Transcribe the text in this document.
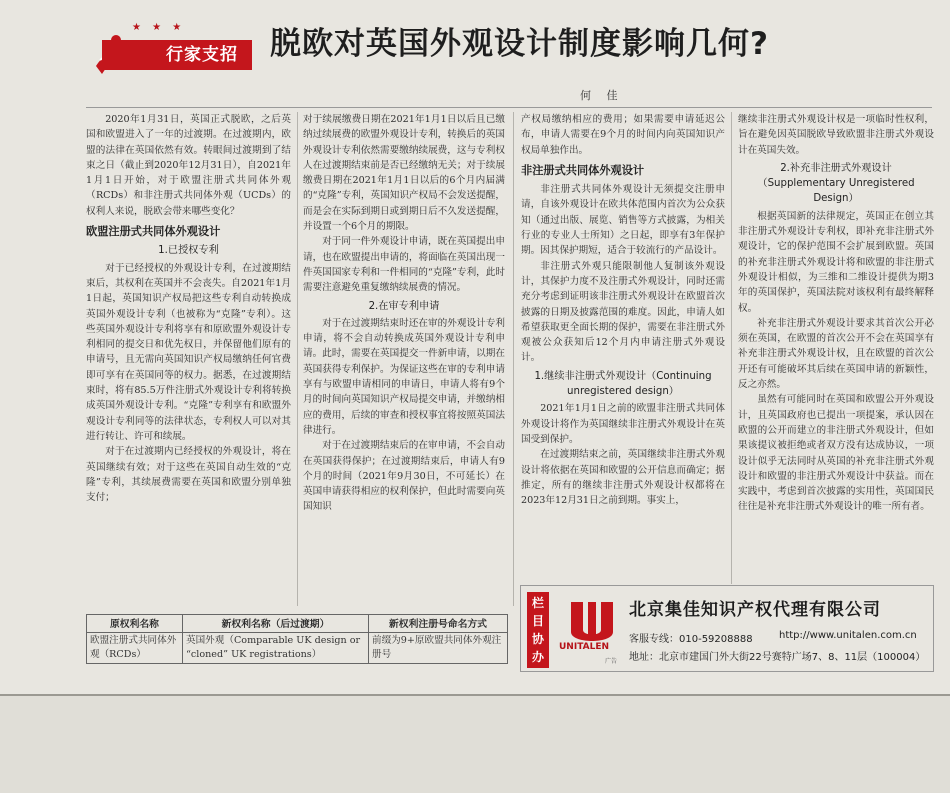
★ ★ ★
行家支招	脱欧对英国外观设计制度影响几何?
何 佳

2020年1月31日，英国正式脱欧，之后英国和欧盟进入了一年的过渡期。在过渡期内，欧盟的法律在英国依然有效。转眼间过渡期到了结束之日（截止到2020年12月31日），自2021年1月1日开始，对于欧盟注册式共同体外观（RCDs）和非注册式共同体外观（UCDs）的权利人来说，脱欧会带来哪些变化？

欧盟注册式共同体外观设计
1.已授权专利

对于已经授权的外观设计专利，在过渡期结束后，其权利在英国并不会丧失。自2021年1月1日起，英国知识产权局把这些专利自动转换成英国外观设计专利（也被称为“克隆”专利）。这些英国外观设计专利将享有和原欧盟外观设计专利相同的提交日和优先权日，并保留他们原有的申请号，且无需向英国知识产权局缴纳任何官费即可享有在英国同等的权力。据悉，在过渡期结束时，将有85.5万件注册式外观设计专利将转换成英国外观设计专利。“克隆”专利享有和欧盟外观设计专利同等的法律状态，专利权人可以对其进行转让、许可和续展。

对于在过渡期内已经授权的外观设计，将在英国继续有效；对于这些在英国自动生效的“克隆”专利，其续展费需要在英国和欧盟分别单独支付；

对于续展缴费日期在2021年1月1日以后且已缴纳过续展费的欧盟外观设计专利，转换后的英国外观设计专利依然需要缴纳续展费，这与专利权人在过渡期结束前是否已经缴纳无关；对于续展缴费日期在2021年1月1日以后的6个月内届满的“克隆”专利，英国知识产权局不会发送提醒，而是会在实际到期日或到期日后不久发送提醒，并设置一个6个月的期限。

对于同一件外观设计申请，既在英国提出申请，也在欧盟提出申请的，将面临在英国出现一件英国国家专利和一件相同的“克隆”专利，此时需要注意避免重复缴纳续展费的情况。

2.在审专利申请

对于在过渡期结束时还在审的外观设计专利申请，将不会自动转换成英国外观设计专利申请。此时，需要在英国提交一件新申请，以期在英国获得专利保护。为保证这些在审的专利申请享有与欧盟申请相同的申请日，申请人将有9个月的时间向英国知识产权局提交申请，并缴纳相应的费用，后续的审查和授权事宜将按照英国法律进行。

对于在过渡期结束后的在审申请，不会自动在英国获得保护；在过渡期结束后，申请人有9个月的时间（2021年9月30日，不可延长）在英国申请获得相应的权利保护，但此时需要向英国知识

产权局缴纳相应的费用；如果需要申请延迟公布，申请人需要在9个月的时间内向英国知识产权局单独作出。

非注册式共同体外观设计

非注册式共同体外观设计无须提交注册申请，自该外观设计在欧共体范围内首次为公众获知（通过出版、展览、销售等方式披露，为相关行业的专业人士所知）之日起，即享有3年保护期。因其保护期短，适合于较流行的产品设计。

非注册式外观只能限制他人复制该外观设计，其保护力度不及注册式外观设计，同时还需充分考虑到证明该非注册式外观设计在欧盟首次披露的日期及披露范围的难度。因此，申请人如希望获取更全面长期的保护，需要在非注册式外观被公众获知后12个月内申请注册式外观设计。

1.继续非注册式外观设计（Continuing unregistered design）

2021年1月1日之前的欧盟非注册式共同体外观设计将作为英国继续非注册式外观设计在英国受到保护。

在过渡期结束之前，英国继续非注册式外观设计将依据在英国和欧盟的公开信息而确定；据推定，所有的继续非注册式外观设计权都将在2023年12月31日之前到期。事实上，

继续非注册式外观设计权是一项临时性权利，旨在避免因英国脱欧导致欧盟非注册式外观设计在英国失效。

2.补充非注册式外观设计（Supplementary Unregistered Design）

根据英国新的法律规定，英国正在创立其非注册式外观设计专利权，即补充非注册式外观设计，它的保护范围不会扩展到欧盟。英国的补充非注册式外观设计将和欧盟的非注册式外观设计相似，为三维和二维设计提供为期3年的英国保护，英国法院对该权利有最终解释权。

补充非注册式外观设计要求其首次公开必须在英国，在欧盟的首次公开不会在英国享有补充非注册式外观设计权，且在欧盟的首次公开还有可能破坏其后续在英国申请的新颖性，反之亦然。

虽然有可能同时在英国和欧盟公开外观设计，且英国政府也已提出一项提案，承认因在欧盟的公开而建立的非注册式外观设计，但如果该提议被拒绝或者双方没有达成协议，一项设计似乎无法同时从英国的补充非注册式外观设计和欧盟的非注册式外观设计中获益。而在实践中，考虑到首次披露的实用性，英国国民往往是补充非注册式外观设计的唯一所有者。

原权利名称	新权利名称（后过渡期）	新权利注册号命名方式
欧盟注册式共同体外观（RCDs）	英国外观（Comparable UK design or “cloned” UK registrations）	前缀为9+原欧盟共同体外观注册号
栏目协办
UNITALEN
广告
北京集佳知识产权代理有限公司
客服专线：010-59208888	http://www.unitalen.com.cn
地址：北京市建国门外大街22号赛特广场7、8、11层（100004）
